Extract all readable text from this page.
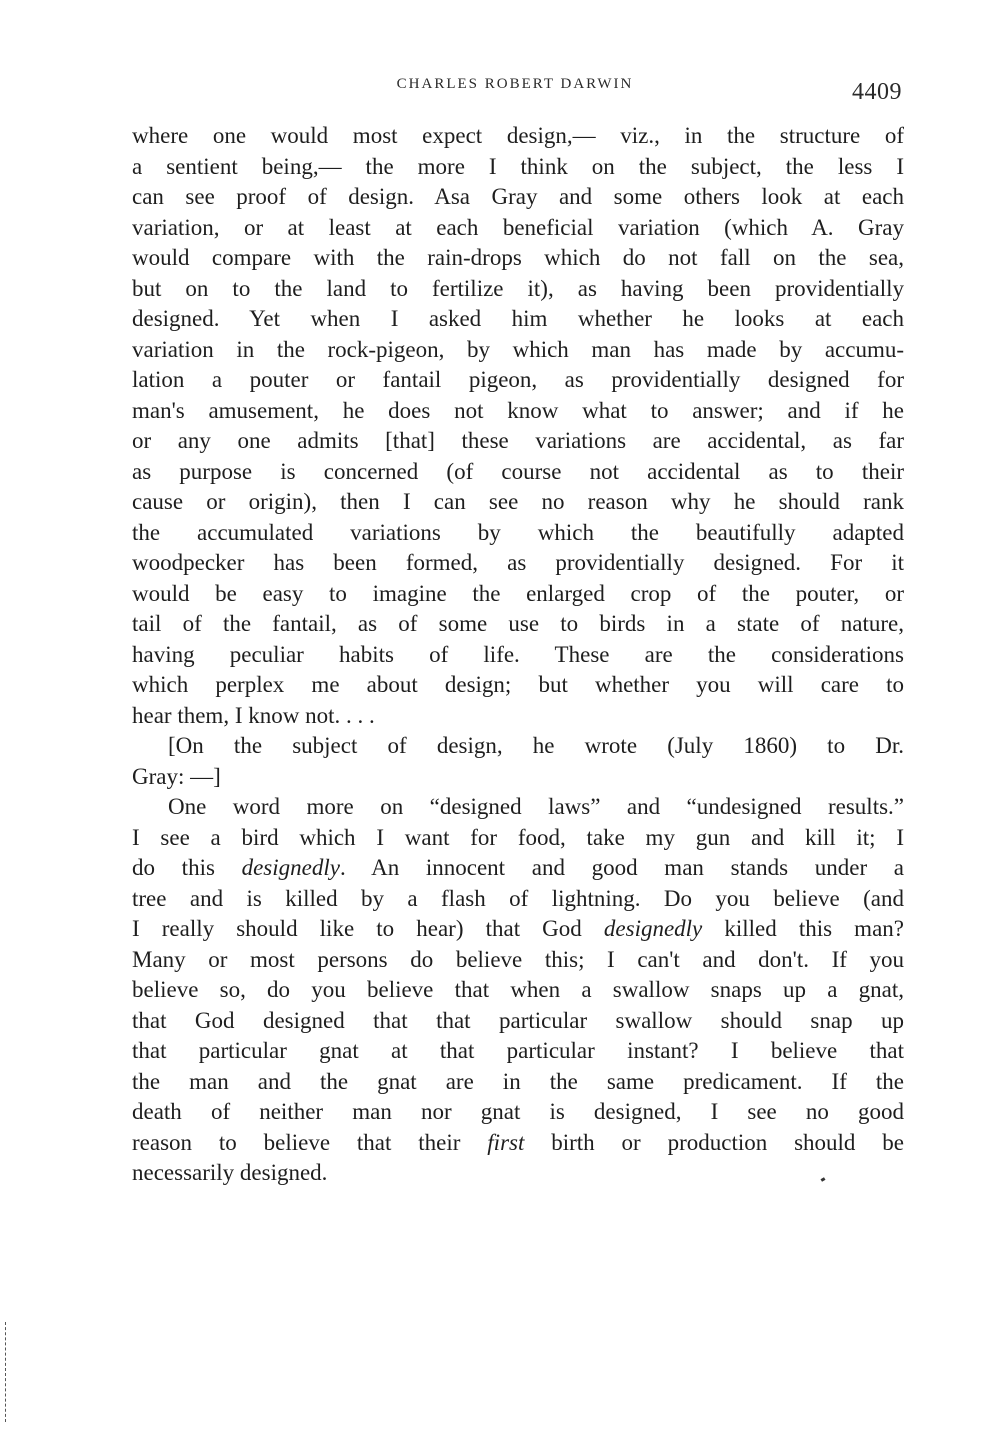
CHARLES ROBERT DARWIN	4409
where one would most expect design,— viz., in the structure of
a sentient being,— the more I think on the subject, the less I
can see proof of design. Asa Gray and some others look at each
variation, or at least at each beneficial variation (which A. Gray
would compare with the rain-drops which do not fall on the sea,
but on to the land to fertilize it), as having been providentially
designed. Yet when I asked him whether he looks at each
variation in the rock-pigeon, by which man has made by accumu-
lation a pouter or fantail pigeon, as providentially designed for
man's amusement, he does not know what to answer; and if he
or any one admits [that] these variations are accidental, as far
as purpose is concerned (of course not accidental as to their
cause or origin), then I can see no reason why he should rank
the accumulated variations by which the beautifully adapted
woodpecker has been formed, as providentially designed. For it
would be easy to imagine the enlarged crop of the pouter, or
tail of the fantail, as of some use to birds in a state of nature,
having peculiar habits of life. These are the considerations
which perplex me about design; but whether you will care to
hear them, I know not. . . .
[On the subject of design, he wrote (July 1860) to Dr.
Gray: —]
One word more on “designed laws” and “undesigned results.”
I see a bird which I want for food, take my gun and kill it; I
do this designedly. An innocent and good man stands under a
tree and is killed by a flash of lightning. Do you believe (and
I really should like to hear) that God designedly killed this man?
Many or most persons do believe this; I can't and don't. If you
believe so, do you believe that when a swallow snaps up a gnat,
that God designed that that particular swallow should snap up
that particular gnat at that particular instant? I believe that
the man and the gnat are in the same predicament. If the
death of neither man nor gnat is designed, I see no good
reason to believe that their first birth or production should be
necessarily designed.
